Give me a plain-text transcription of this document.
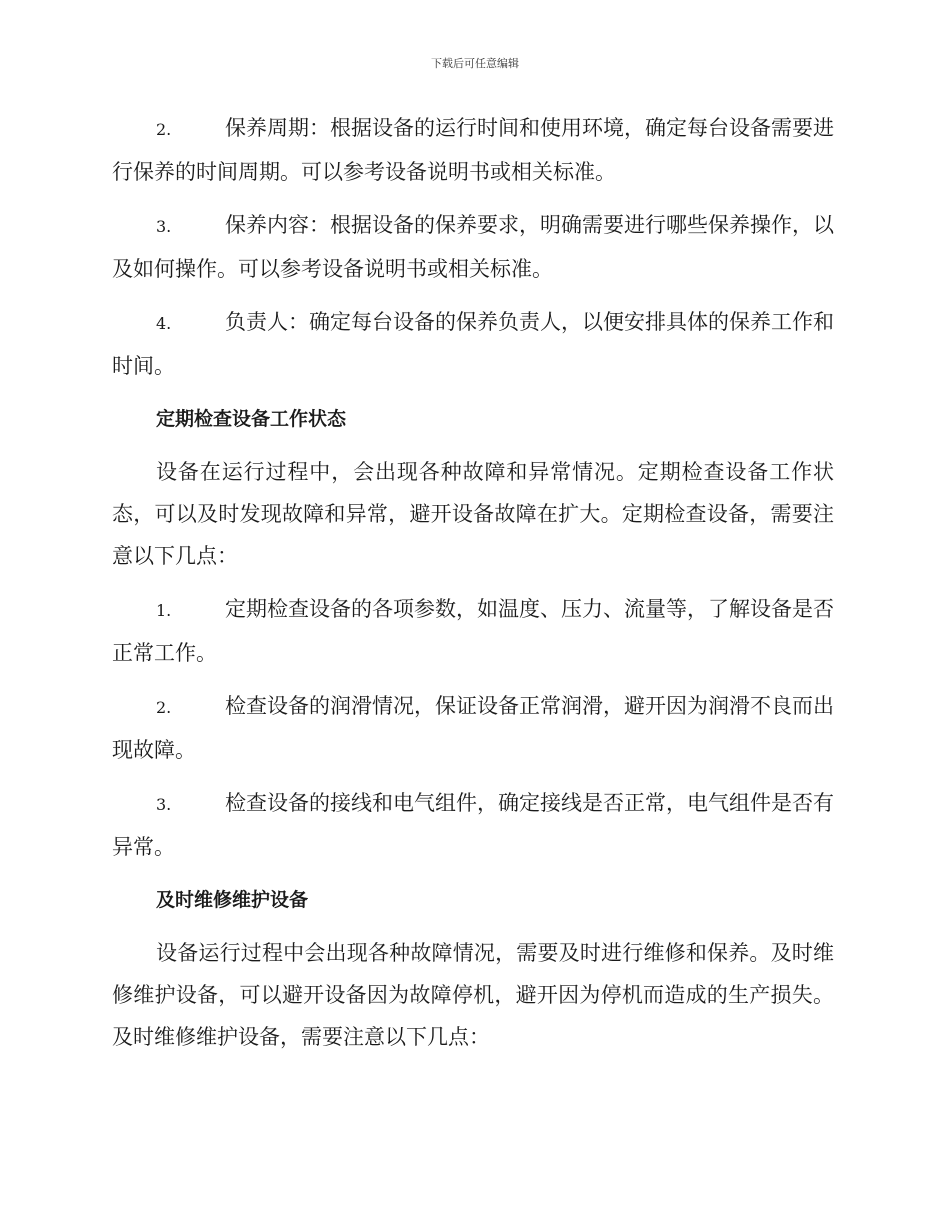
下载后可任意编辑

2.	保养周期：根据设备的运行时间和使用环境，确定每台设备需要进行保养的时间周期。可以参考设备说明书或相关标准。

3.	保养内容：根据设备的保养要求，明确需要进行哪些保养操作，以及如何操作。可以参考设备说明书或相关标准。

4.	负责人：确定每台设备的保养负责人，以便安排具体的保养工作和时间。

定期检查设备工作状态

设备在运行过程中，会出现各种故障和异常情况。定期检查设备工作状态，可以及时发现故障和异常，避开设备故障在扩大。定期检查设备，需要注意以下几点：

1.	定期检查设备的各项参数，如温度、压力、流量等，了解设备是否正常工作。

2.	检查设备的润滑情况，保证设备正常润滑，避开因为润滑不良而出现故障。

3.	检查设备的接线和电气组件，确定接线是否正常，电气组件是否有异常。

及时维修维护设备

设备运行过程中会出现各种故障情况，需要及时进行维修和保养。及时维修维护设备，可以避开设备因为故障停机，避开因为停机而造成的生产损失。及时维修维护设备，需要注意以下几点：
